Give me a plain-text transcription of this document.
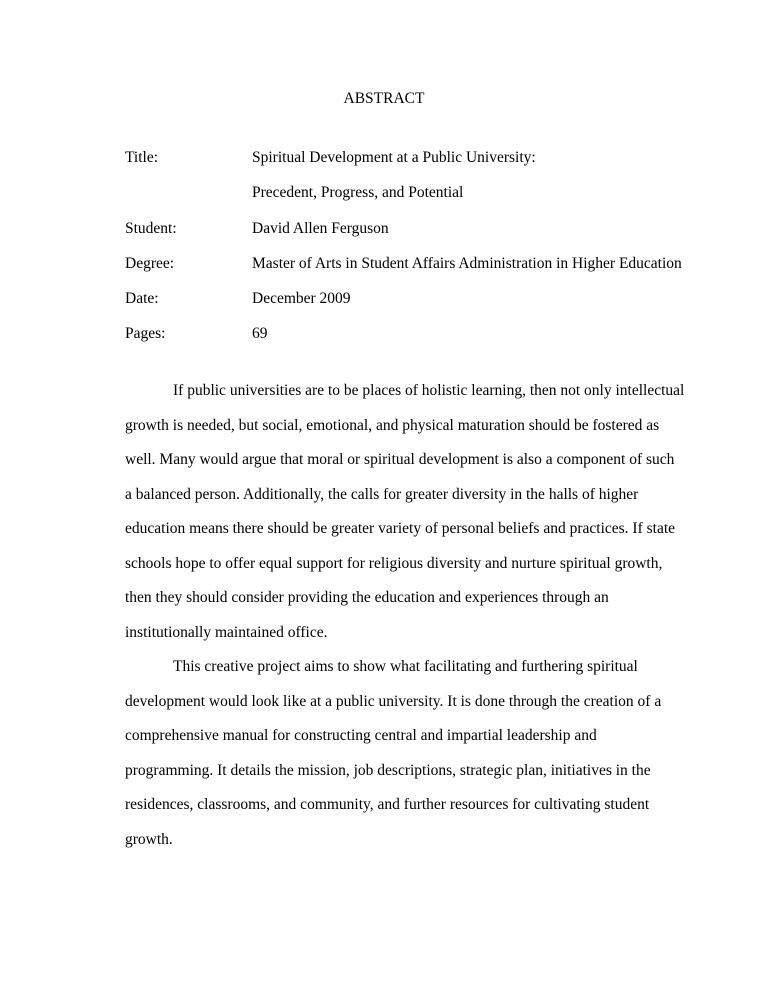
ABSTRACT
Title:	Spiritual Development at a Public University:
Precedent, Progress, and Potential
Student:	David Allen Ferguson
Degree:	Master of Arts in Student Affairs Administration in Higher Education
Date:	December 2009
Pages:	69
If public universities are to be places of holistic learning, then not only intellectual
growth is needed, but social, emotional, and physical maturation should be fostered as
well. Many would argue that moral or spiritual development is also a component of such
a balanced person. Additionally, the calls for greater diversity in the halls of higher
education means there should be greater variety of personal beliefs and practices. If state
schools hope to offer equal support for religious diversity and nurture spiritual growth,
then they should consider providing the education and experiences through an
institutionally maintained office.
This creative project aims to show what facilitating and furthering spiritual
development would look like at a public university. It is done through the creation of a
comprehensive manual for constructing central and impartial leadership and
programming. It details the mission, job descriptions, strategic plan, initiatives in the
residences, classrooms, and community, and further resources for cultivating student
growth.
